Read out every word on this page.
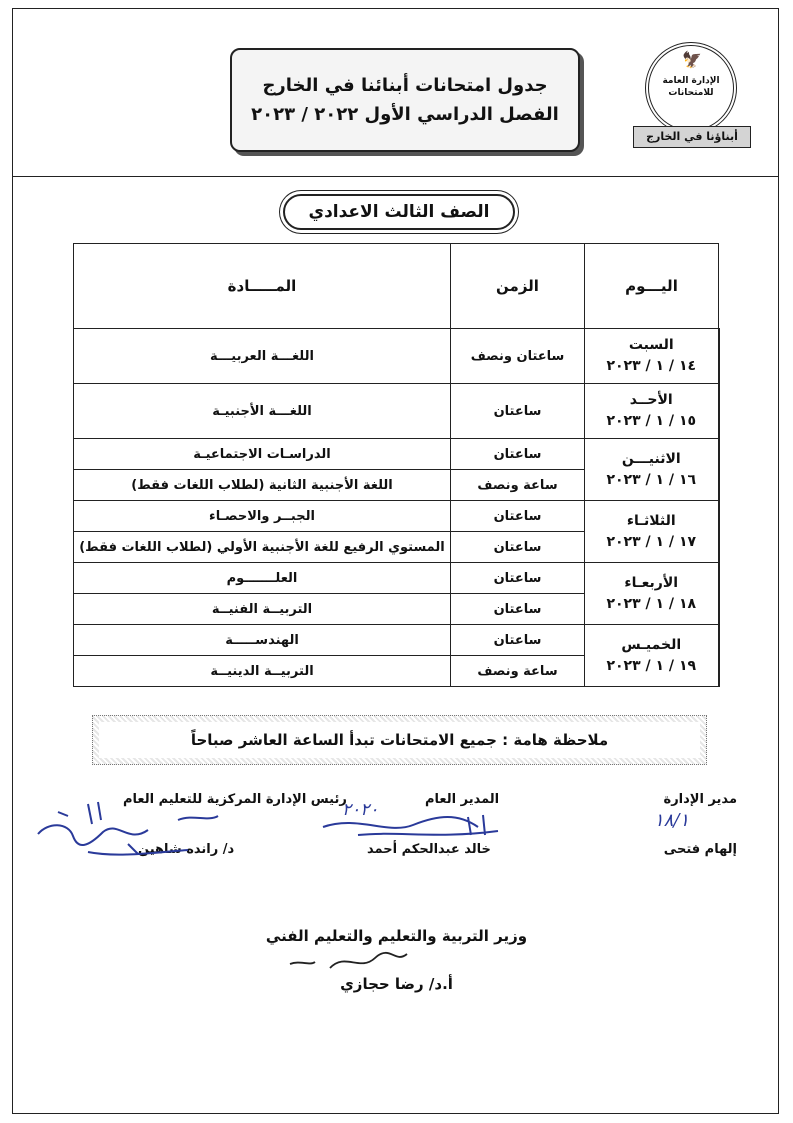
🦅
الإدارة العامة للامتحانات
أبناؤنا في الخارج
جدول امتحانات أبنائنا في الخارج
الفصل الدراسي الأول ٢٠٢٢ / ٢٠٢٣
الصف الثالث الاعدادي
اليـــوم	الزمن	المـــــادة

السبت
١٤ / ١ / ٢٠٢٣	ساعتان ونصف	اللغـــة العربيـــة

الأحــد
١٥ / ١ / ٢٠٢٣	ساعتان	اللغـــة الأجنبيـة

الاثنيـــن
١٦ / ١ / ٢٠٢٣	ساعتان	الدراسـات الاجتماعيـة
	ساعة ونصف	اللغة الأجنبية الثانية (لطلاب اللغات فقط)

الثلاثـاء
١٧ / ١ / ٢٠٢٣	ساعتان	الجبــر والاحصـاء
	ساعتان	المستوي الرفيع للغة الأجنبية الأولي (لطلاب اللغات فقط)

الأربعـاء
١٨ / ١ / ٢٠٢٣	ساعتان	العلـــــــوم
	ساعتان	التربيــة الفنيــة

الخميـس
١٩ / ١ / ٢٠٢٣	ساعتان	الهندســـــة
	ساعة ونصف	التربيــة الدينيــة
ملاحظة هامة : جميع الامتحانات تبدأ الساعة العاشر صباحاً
مدير الإدارة
إلهام فتحى
١٨/١
المدير العام
خالد عبدالحكم أحمد
٢٠٢٠
رئيس الإدارة المركزية للتعليم العام
د/ رانده شاهين
وزير التربية والتعليم والتعليم الفني
أ.د/ رضا حجازي
